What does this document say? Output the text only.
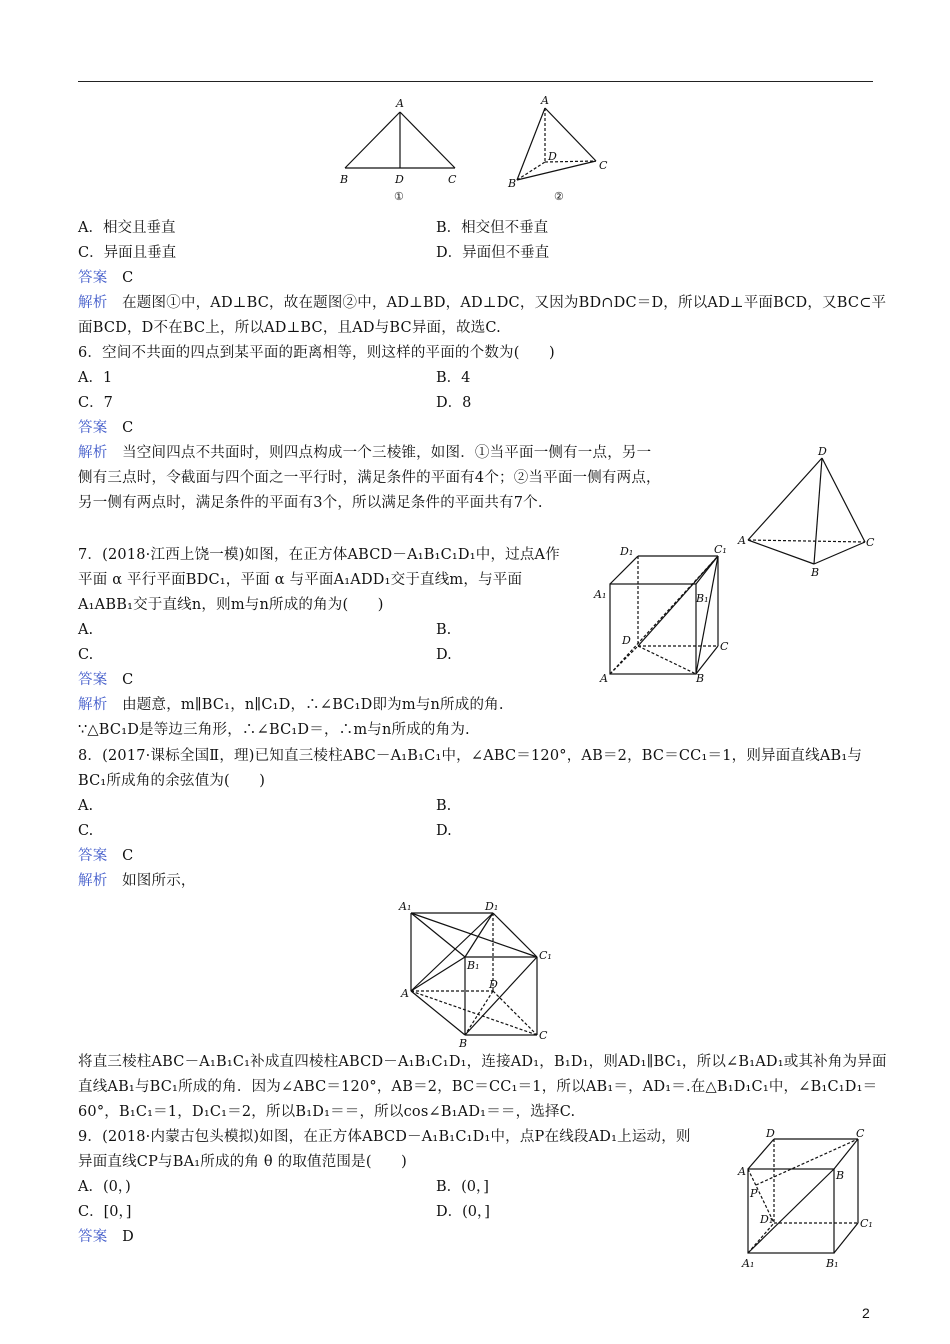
A
B	D	C
①
A
D
C
B
②
A．相交且垂直	B．相交但不垂直
C．异面且垂直	D．异面但不垂直
答案　 C
解析　 在题图①中，AD⊥BC，故在题图②中，AD⊥BD，AD⊥DC，又因为BD∩DC＝D，所以AD⊥平面BCD，又BC⊂平
面BCD，D不在BC上，所以AD⊥BC，且AD与BC异面，故选C.
6．空间不共面的四点到某平面的距离相等，则这样的平面的个数为(　　)
A．1	B．4
C．7	D．8
答案　 C
解析　 当空间四点不共面时，则四点构成一个三棱锥，如图．①当平面一侧有一点，另一
侧有三点时，令截面与四个面之一平行时，满足条件的平面有4个；②当平面一侧有两点，
另一侧有两点时，满足条件的平面有3个，所以满足条件的平面共有7个.
D
A	C
B
7．(2018·江西上饶一模)如图，在正方体ABCD－A₁B₁C₁D₁中，过点A作
平面 α 平行平面BDC₁，平面 α 与平面A₁ADD₁交于直线m，与平面
A₁ABB₁交于直线n，则m与n所成的角为(　　)
A.	B.
C.	D.
答案　 C
解析　 由题意，m∥BC₁，n∥C₁D，∴∠BC₁D即为m与n所成的角.
∵△BC₁D是等边三角形，∴∠BC₁D＝，∴m与n所成的角为.
D₁	C₁
A₁	B₁
D	C
A	B
8．(2017·课标全国Ⅱ，理)已知直三棱柱ABC－A₁B₁C₁中，∠ABC＝120°，AB＝2，BC＝CC₁＝1，则异面直线AB₁与
BC₁所成角的余弦值为(　　)
A.	B.
C.	D.
答案　 C
解析　 如图所示，
A₁	D₁
C₁
B₁
D
A
B
C
将直三棱柱ABC－A₁B₁C₁补成直四棱柱ABCD－A₁B₁C₁D₁，连接AD₁，B₁D₁，则AD₁∥BC₁，所以∠B₁AD₁或其补角为异面
直线AB₁与BC₁所成的角．因为∠ABC＝120°，AB＝2，BC＝CC₁＝1，所以AB₁＝，AD₁＝.在△B₁D₁C₁中，∠B₁C₁D₁＝
60°，B₁C₁＝1，D₁C₁＝2，所以B₁D₁＝＝，所以cos∠B₁AD₁＝＝，选择C.
9．(2018·内蒙古包头模拟)如图，在正方体ABCD－A₁B₁C₁D₁中，点P在线段AD₁上运动，则
异面直线CP与BA₁所成的角 θ 的取值范围是(　　)
A．(0，)	B．(0，]
C．[0，]	D．(0，]
答案　 D
D	C
A	B
P
D₁	C₁
A₁	B₁
2
